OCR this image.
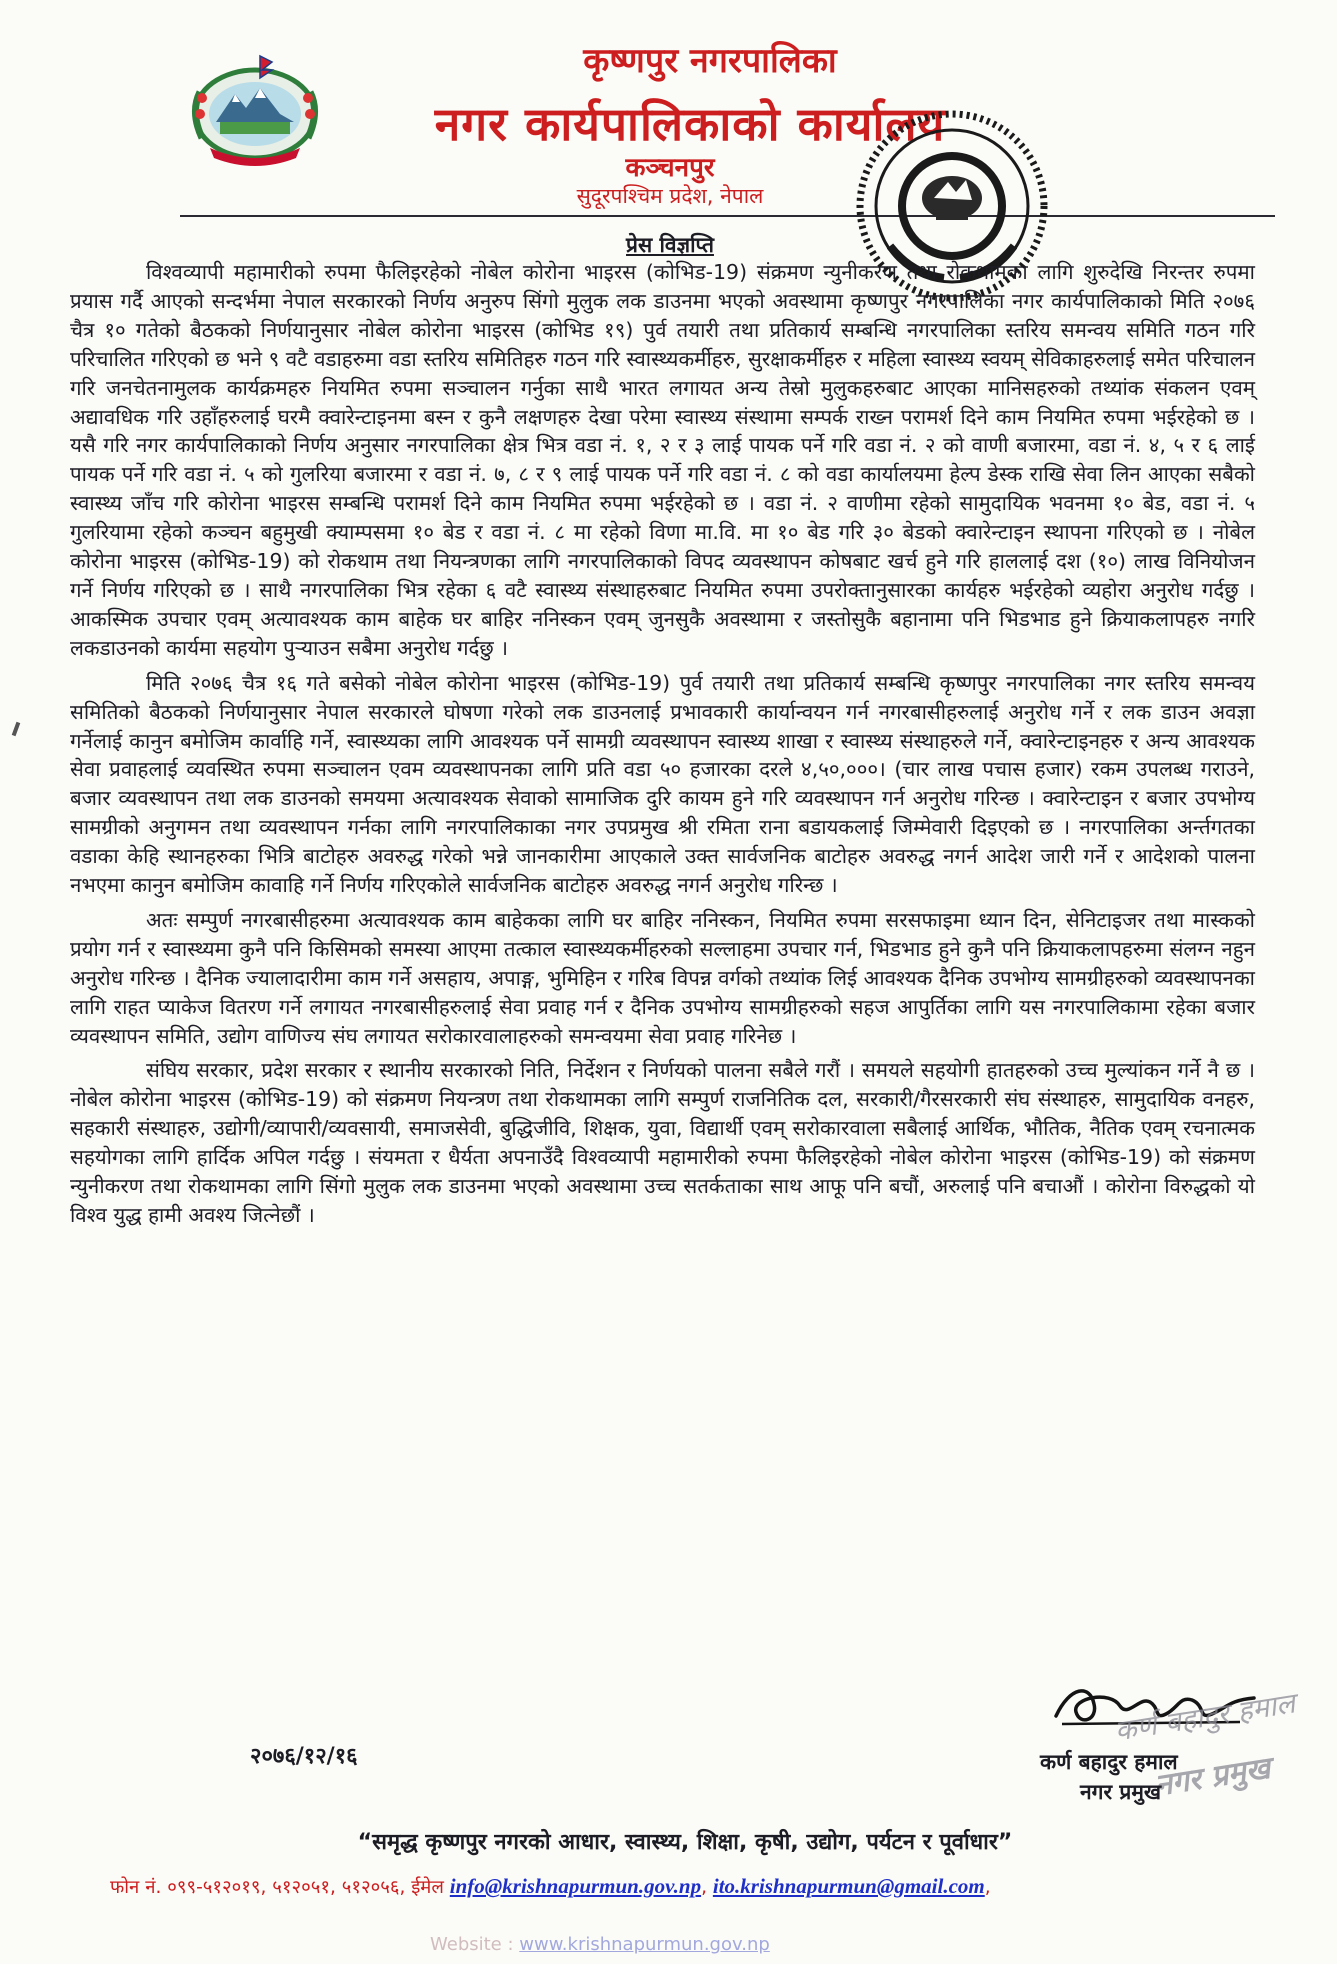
कृष्णपुर नगरपालिका
नगर कार्यपालिकाको कार्यालय
कञ्चनपुर
सुदूरपश्चिम प्रदेश, नेपाल
प्रेस विज्ञप्ति

विश्वव्यापी महामारीको रुपमा फैलिइरहेको नोबेल कोरोना भाइरस (कोभिड-19) संक्रमण न्युनीकरण तथा रोकथामका लागि शुरुदेखि निरन्तर रुपमा प्रयास गर्दै आएको सन्दर्भमा नेपाल सरकारको निर्णय अनुरुप सिंगो मुलुक लक डाउनमा भएको अवस्थामा कृष्णपुर नगरपालिका नगर कार्यपालिकाको मिति २०७६ चैत्र १० गतेको बैठकको निर्णयानुसार नोबेल कोरोना भाइरस (कोभिड १९) पुर्व तयारी तथा प्रतिकार्य सम्बन्धि नगरपालिका स्तरिय समन्वय समिति गठन गरि परिचालित गरिएको छ भने ९ वटै वडाहरुमा वडा स्तरिय समितिहरु गठन गरि स्वास्थ्यकर्मीहरु, सुरक्षाकर्मीहरु र महिला स्वास्थ्य स्वयम् सेविकाहरुलाई समेत परिचालन गरि जनचेतनामुलक कार्यक्रमहरु नियमित रुपमा सञ्चालन गर्नुका साथै भारत लगायत अन्य तेस्रो मुलुकहरुबाट आएका मानिसहरुको तथ्यांक संकलन एवम् अद्यावधिक गरि उहाँहरुलाई घरमै क्वारेन्टाइनमा बस्न र कुनै लक्षणहरु देखा परेमा स्वास्थ्य संस्थामा सम्पर्क राख्न परामर्श दिने काम नियमित रुपमा भईरहेको छ । यसै गरि नगर कार्यपालिकाको निर्णय अनुसार नगरपालिका क्षेत्र भित्र वडा नं. १, २ र ३ लाई पायक पर्ने गरि वडा नं. २ को वाणी बजारमा, वडा नं. ४, ५ र ६ लाई पायक पर्ने गरि वडा नं. ५ को गुलरिया बजारमा र वडा नं. ७, ८ र ९ लाई पायक पर्ने गरि वडा नं. ८ को वडा कार्यालयमा हेल्प डेस्क राखि सेवा लिन आएका सबैको स्वास्थ्य जाँच गरि कोरोना भाइरस सम्बन्धि परामर्श दिने काम नियमित रुपमा भईरहेको छ । वडा नं. २ वाणीमा रहेको सामुदायिक भवनमा १० बेड, वडा नं. ५ गुलरियामा रहेको कञ्चन बहुमुखी क्याम्पसमा १० बेड र वडा नं. ८ मा रहेको विणा मा.वि. मा १० बेड गरि ३० बेडको क्वारेन्टाइन स्थापना गरिएको छ । नोबेल कोरोना भाइरस (कोभिड-19) को रोकथाम तथा नियन्त्रणका लागि नगरपालिकाको विपद व्यवस्थापन कोषबाट खर्च हुने गरि हाललाई दश (१०) लाख विनियोजन गर्ने निर्णय गरिएको छ । साथै नगरपालिका भित्र रहेका ६ वटै स्वास्थ्य संस्थाहरुबाट नियमित रुपमा उपरोक्तानुसारका कार्यहरु भईरहेको व्यहोरा अनुरोध गर्दछु । आकस्मिक उपचार एवम् अत्यावश्यक काम बाहेक घर बाहिर ननिस्कन एवम् जुनसुकै अवस्थामा र जस्तोसुकै बहानामा पनि भिडभाड हुने क्रियाकलापहरु नगरि लकडाउनको कार्यमा सहयोग पुर्‍याउन सबैमा अनुरोध गर्दछु ।

मिति २०७६ चैत्र १६ गते बसेको नोबेल कोरोना भाइरस (कोभिड-19) पुर्व तयारी तथा प्रतिकार्य सम्बन्धि कृष्णपुर नगरपालिका नगर स्तरिय समन्वय समितिको बैठकको निर्णयानुसार नेपाल सरकारले घोषणा गरेको लक डाउनलाई प्रभावकारी कार्यान्वयन गर्न नगरबासीहरुलाई अनुरोध गर्ने र लक डाउन अवज्ञा गर्नेलाई कानुन बमोजिम कार्वाहि गर्ने, स्वास्थ्यका लागि आवश्यक पर्ने सामग्री व्यवस्थापन स्वास्थ्य शाखा र स्वास्थ्य संस्थाहरुले गर्ने, क्वारेन्टाइनहरु र अन्य आवश्यक सेवा प्रवाहलाई व्यवस्थित रुपमा सञ्चालन एवम व्यवस्थापनका लागि प्रति वडा ५० हजारका दरले ४,५०,०००। (चार लाख पचास हजार) रकम उपलब्ध गराउने, बजार व्यवस्थापन तथा लक डाउनको समयमा अत्यावश्यक सेवाको सामाजिक दुरि कायम हुने गरि व्यवस्थापन गर्न अनुरोध गरिन्छ । क्वारेन्टाइन र बजार उपभोग्य सामग्रीको अनुगमन तथा व्यवस्थापन गर्नका लागि नगरपालिकाका नगर उपप्रमुख श्री रमिता राना बडायकलाई जिम्मेवारी दिइएको छ । नगरपालिका अर्न्तगतका वडाका केहि स्थानहरुका भित्रि बाटोहरु अवरुद्ध गरेको भन्ने जानकारीमा आएकाले उक्त सार्वजनिक बाटोहरु अवरुद्ध नगर्न आदेश जारी गर्ने र आदेशको पालना नभएमा कानुन बमोजिम कावाहि गर्ने निर्णय गरिएकोले सार्वजनिक बाटोहरु अवरुद्ध नगर्न अनुरोध गरिन्छ ।

अतः सम्पुर्ण नगरबासीहरुमा अत्यावश्यक काम बाहेकका लागि घर बाहिर ननिस्कन, नियमित रुपमा सरसफाइमा ध्यान दिन, सेनिटाइजर तथा मास्कको प्रयोग गर्न र स्वास्थ्यमा कुनै पनि किसिमको समस्या आएमा तत्काल स्वास्थ्यकर्मीहरुको सल्लाहमा उपचार गर्न, भिडभाड हुने कुनै पनि क्रियाकलापहरुमा संलग्न नहुन अनुरोध गरिन्छ । दैनिक ज्यालादारीमा काम गर्ने असहाय, अपाङ्ग, भुमिहिन र गरिब विपन्न वर्गको तथ्यांक लिई आवश्यक दैनिक उपभोग्य सामग्रीहरुको व्यवस्थापनका लागि राहत प्याकेज वितरण गर्ने लगायत नगरबासीहरुलाई सेवा प्रवाह गर्न र दैनिक उपभोग्य सामग्रीहरुको सहज आपुर्तिका लागि यस नगरपालिकामा रहेका बजार व्यवस्थापन समिति, उद्योग वाणिज्य संघ लगायत सरोकारवालाहरुको समन्वयमा सेवा प्रवाह गरिनेछ ।

संघिय सरकार, प्रदेश सरकार र स्थानीय सरकारको निति, निर्देशन र निर्णयको पालना सबैले गरौं । समयले सहयोगी हातहरुको उच्च मुल्यांकन गर्ने नै छ । नोबेल कोरोना भाइरस (कोभिड-19) को संक्रमण नियन्त्रण तथा रोकथामका लागि सम्पुर्ण राजनितिक दल, सरकारी/गैरसरकारी संघ संस्थाहरु, सामुदायिक वनहरु, सहकारी संस्थाहरु, उद्योगी/व्यापारी/व्यवसायी, समाजसेवी, बुद्धिजीवि, शिक्षक, युवा, विद्यार्थी एवम् सरोकारवाला सबैलाई आर्थिक, भौतिक, नैतिक एवम् रचनात्मक सहयोगका लागि हार्दिक अपिल गर्दछु । संयमता र धैर्यता अपनाउँदै विश्वव्यापी महामारीको रुपमा फैलिइरहेको नोबेल कोरोना भाइरस (कोभिड-19) को संक्रमण न्युनीकरण तथा रोकथामका लागि सिंगो मुलुक लक डाउनमा भएको अवस्थामा उच्च सतर्कताका साथ आफू पनि बचौं, अरुलाई पनि बचाऔं । कोरोना विरुद्धको यो विश्व युद्ध हामी अवश्य जित्नेछौं ।

२०७६/१२/१६
कर्ण बहादुर हमाल
नगर प्रमुख
कर्ण बहादुर हमाल
नगर प्रमुख
“समृद्ध कृष्णपुर नगरको आधार, स्वास्थ्य, शिक्षा, कृषी, उद्योग, पर्यटन र पूर्वाधार”
फोन नं. ०९९-५१२०१९, ५१२०५१, ५१२०५६, ईमेल info@krishnapurmun.gov.np, ito.krishnapurmun@gmail.com,
Website : www.krishnapurmun.gov.np
